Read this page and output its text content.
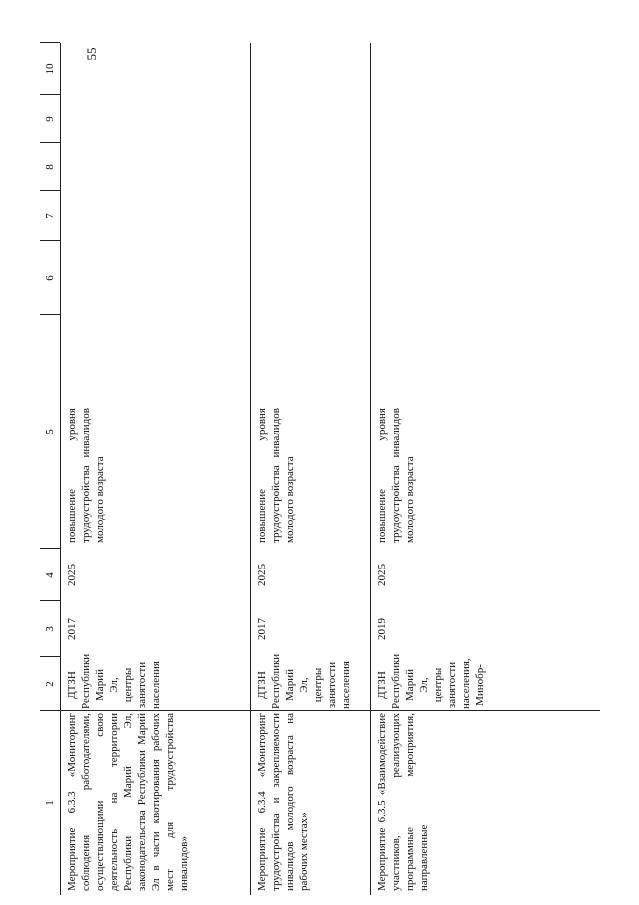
55
1
2
3
4
5
6
7
8
9
10
Мероприятие 6.3.3 «Мониторинг соблюдения работодателями, осуществляющими свою деятельность на территории Республики Марий Эл, законодательства Республики Марий Эл в части квотирования рабочих мест для трудоустройства инвалидов»
ДТЗН Республики Марий Эл, центры занятости населения
2017
2025
повышение уровня трудоустройства инвалидов молодого возраста
Мероприятие 6.3.4 «Мониторинг трудоустройства и закрепляемости инвалидов молодого возраста на рабочих местах»
ДТЗН Республики Марий Эл, центры занятости населения
2017
2025
повышение уровня трудоустройства инвалидов молодого возраста
Мероприятие 6.3.5 «Взаимодействие участников, реализующих программные мероприятия, направленные
ДТЗН Республики Марий Эл, центры занятости населения, Минобр-
2019
2025
повышение уровня трудоустройства инвалидов молодого возраста
